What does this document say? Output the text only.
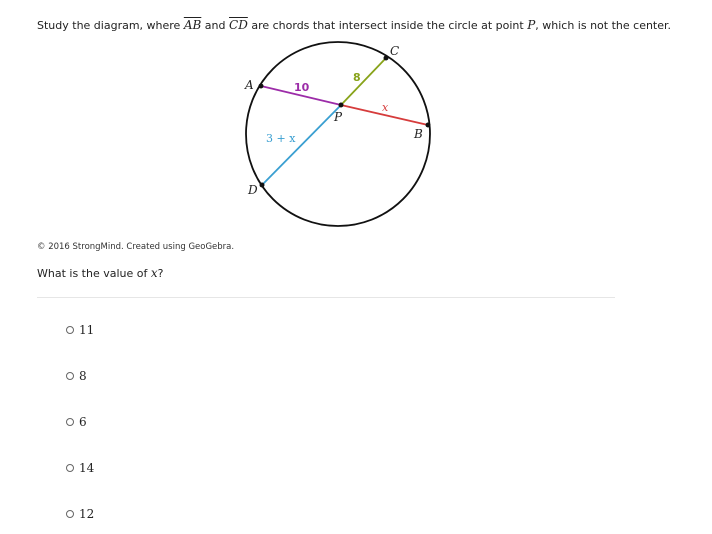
Study the diagram, where $\overline{AB}$ and $\overline{CD}$ are chords that intersect inside the circle at point P, which is not the center.
A
C
B
D
P
10
8
x
3 + x
© 2016 StrongMind. Created using GeoGebra.
What is the value of x?
11
8
6
14
12
